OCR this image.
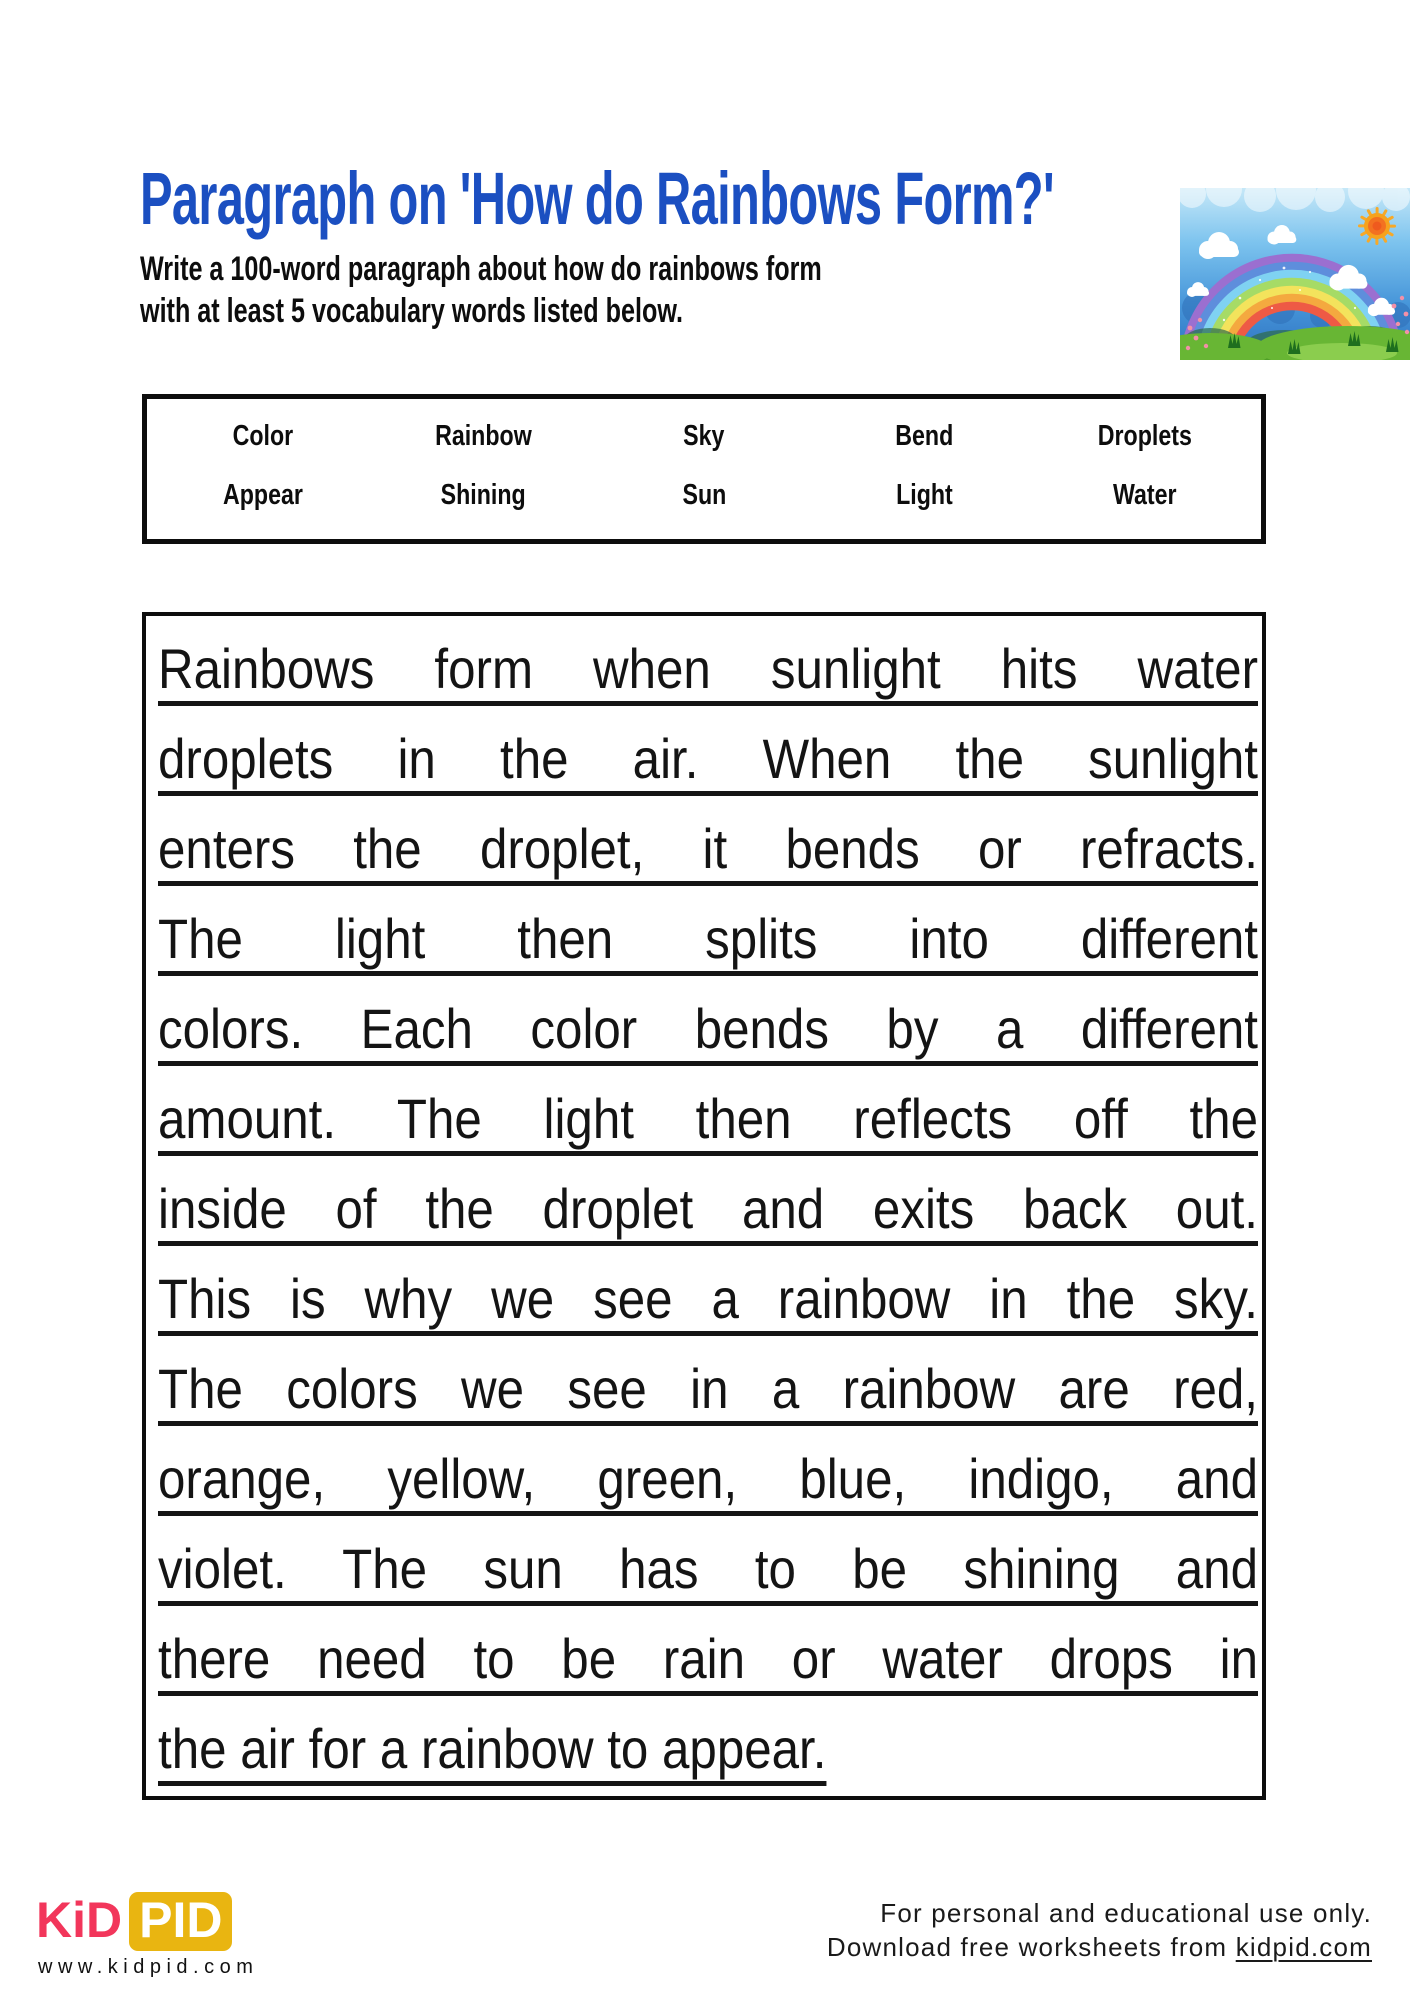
Paragraph on 'How do Rainbows Form?'
Write a 100-word paragraph about how do rainbows form
with at least 5 vocabulary words listed below.
Color	Rainbow	Sky	Bend	Droplets
Appear	Shining	Sun	Light	Water
Rainbows form when sunlight hits water
droplets in the air. When the sunlight
enters the droplet, it bends or refracts.
The light then splits into different
colors. Each color bends by a different
amount. The light then reflects off the
inside of the droplet and exits back out.
This is why we see a rainbow in the sky.
The colors we see in a rainbow are red,
orange, yellow, green, blue, indigo, and
violet. The sun has to be shining and
there need to be rain or water drops in
the air for a rainbow to appear.
KiD PID
www.kidpid.com
For personal and educational use only.
Download free worksheets from kidpid.com
